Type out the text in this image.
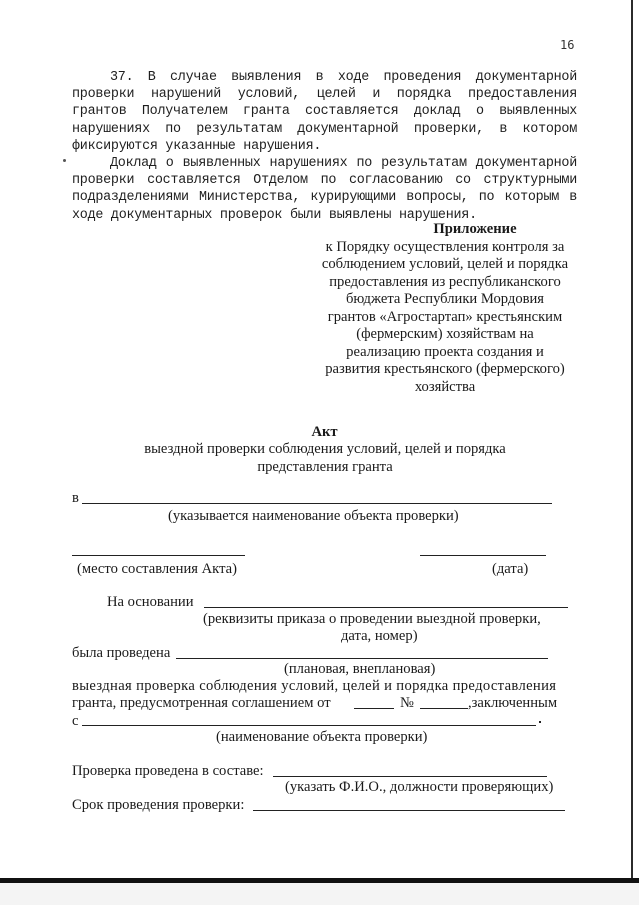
16

37. В случае выявления в ходе проведения документарной проверки нарушений условий, целей и порядка предоставления грантов Получателем гранта составляется доклад о выявленных нарушениях по результатам документарной проверки, в котором фиксируются указанные нарушения.

Доклад о выявленных нарушениях по результатам документарной проверки составляется Отделом по согласованию со структурными подразделениями Министерства, курирующими вопросы, по которым в ходе документарных проверок были выявлены нарушения.

Приложение
к Порядку осуществления контроля за
соблюдением условий, целей и порядка
предоставления из республиканского
бюджета Республики Мордовия
грантов «Агростартап» крестьянским
(фермерским) хозяйствам на
реализацию проекта создания и
развития крестьянского (фермерского)
хозяйства
Акт
выездной проверки соблюдения условий, целей и порядка
представления гранта
в
(указывается наименование объекта проверки)
(место составления Акта)	(дата)
На основании
(реквизиты приказа о проведении выездной проверки,
дата, номер)
была проведена
(плановая, внеплановая)
выездная проверка соблюдения условий, целей и порядка предоставления
гранта, предусмотренная соглашением от	№	,заключенным
с
(наименование объекта проверки)
Проверка проведена в составе:
(указать Ф.И.О., должности проверяющих)
Срок проведения проверки:
